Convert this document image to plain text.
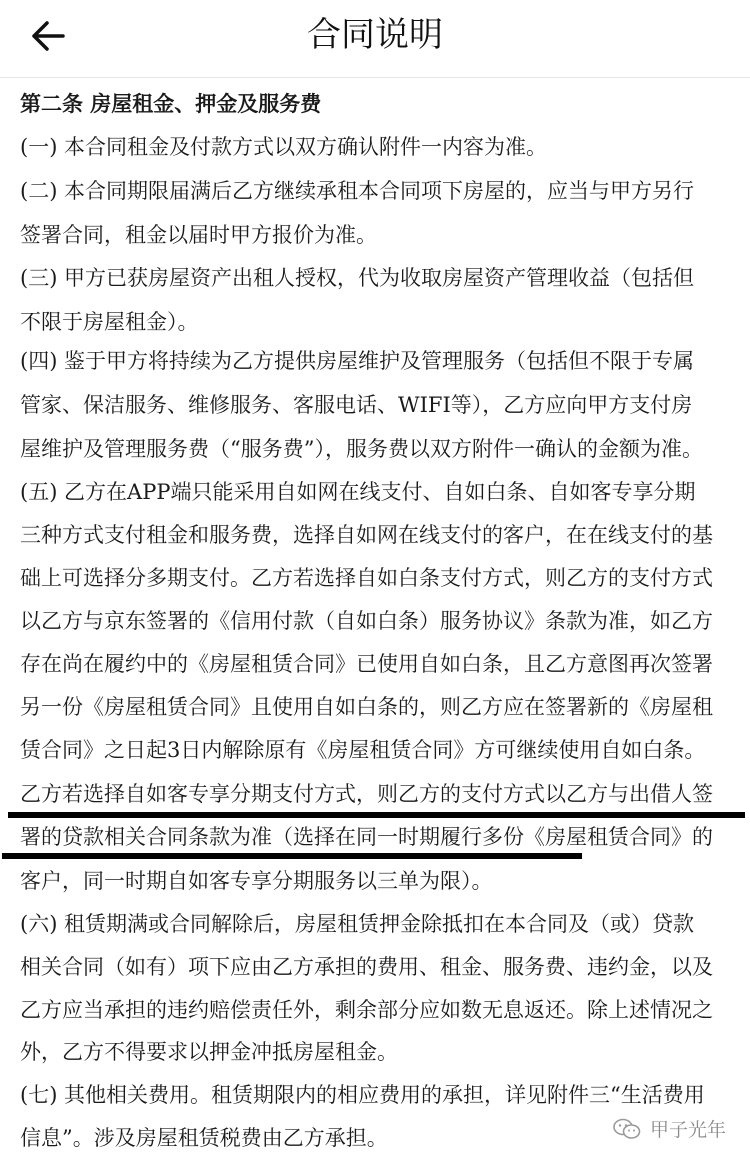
合同说明
第二条 房屋租金、押金及服务费
(一) 本合同租金及付款方式以双方确认附件一内容为准。
(二) 本合同期限届满后乙方继续承租本合同项下房屋的，应当与甲方另行
签署合同，租金以届时甲方报价为准。
(三) 甲方已获房屋资产出租人授权，代为收取房屋资产管理收益（包括但
不限于房屋租金）。
(四) 鉴于甲方将持续为乙方提供房屋维护及管理服务（包括但不限于专属
管家、保洁服务、维修服务、客服电话、WIFI等），乙方应向甲方支付房
屋维护及管理服务费（“服务费”），服务费以双方附件一确认的金额为准。
(五) 乙方在APP端只能采用自如网在线支付、自如白条、自如客专享分期
三种方式支付租金和服务费，选择自如网在线支付的客户，在在线支付的基
础上可选择分多期支付。乙方若选择自如白条支付方式，则乙方的支付方式
以乙方与京东签署的《信用付款（自如白条）服务协议》条款为准，如乙方
存在尚在履约中的《房屋租赁合同》已使用自如白条，且乙方意图再次签署
另一份《房屋租赁合同》且使用自如白条的，则乙方应在签署新的《房屋租
赁合同》之日起3日内解除原有《房屋租赁合同》方可继续使用自如白条。
乙方若选择自如客专享分期支付方式，则乙方的支付方式以乙方与出借人签
署的贷款相关合同条款为准（选择在同一时期履行多份《房屋租赁合同》的
客户，同一时期自如客专享分期服务以三单为限）。
(六) 租赁期满或合同解除后，房屋租赁押金除抵扣在本合同及（或）贷款
相关合同（如有）项下应由乙方承担的费用、租金、服务费、违约金，以及
乙方应当承担的违约赔偿责任外，剩余部分应如数无息返还。除上述情况之
外，乙方不得要求以押金冲抵房屋租金。
(七) 其他相关费用。租赁期限内的相应费用的承担，详见附件三“生活费用
信息”。涉及房屋租赁税费由乙方承担。	甲子光年
